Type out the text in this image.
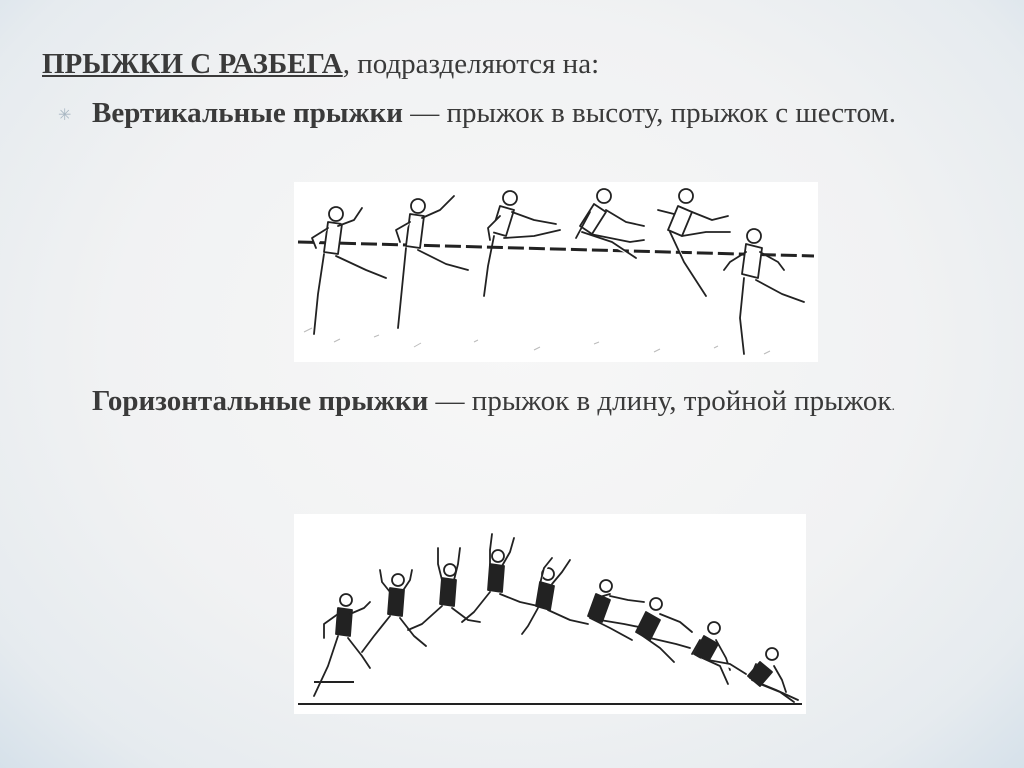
ПРЫЖКИ С РАЗБЕГА, подразделяются на:
✳ Вертикальные прыжки — прыжок в высоту, прыжок с шестом.
Горизонтальные прыжки — прыжок в длину, тройной прыжок.
